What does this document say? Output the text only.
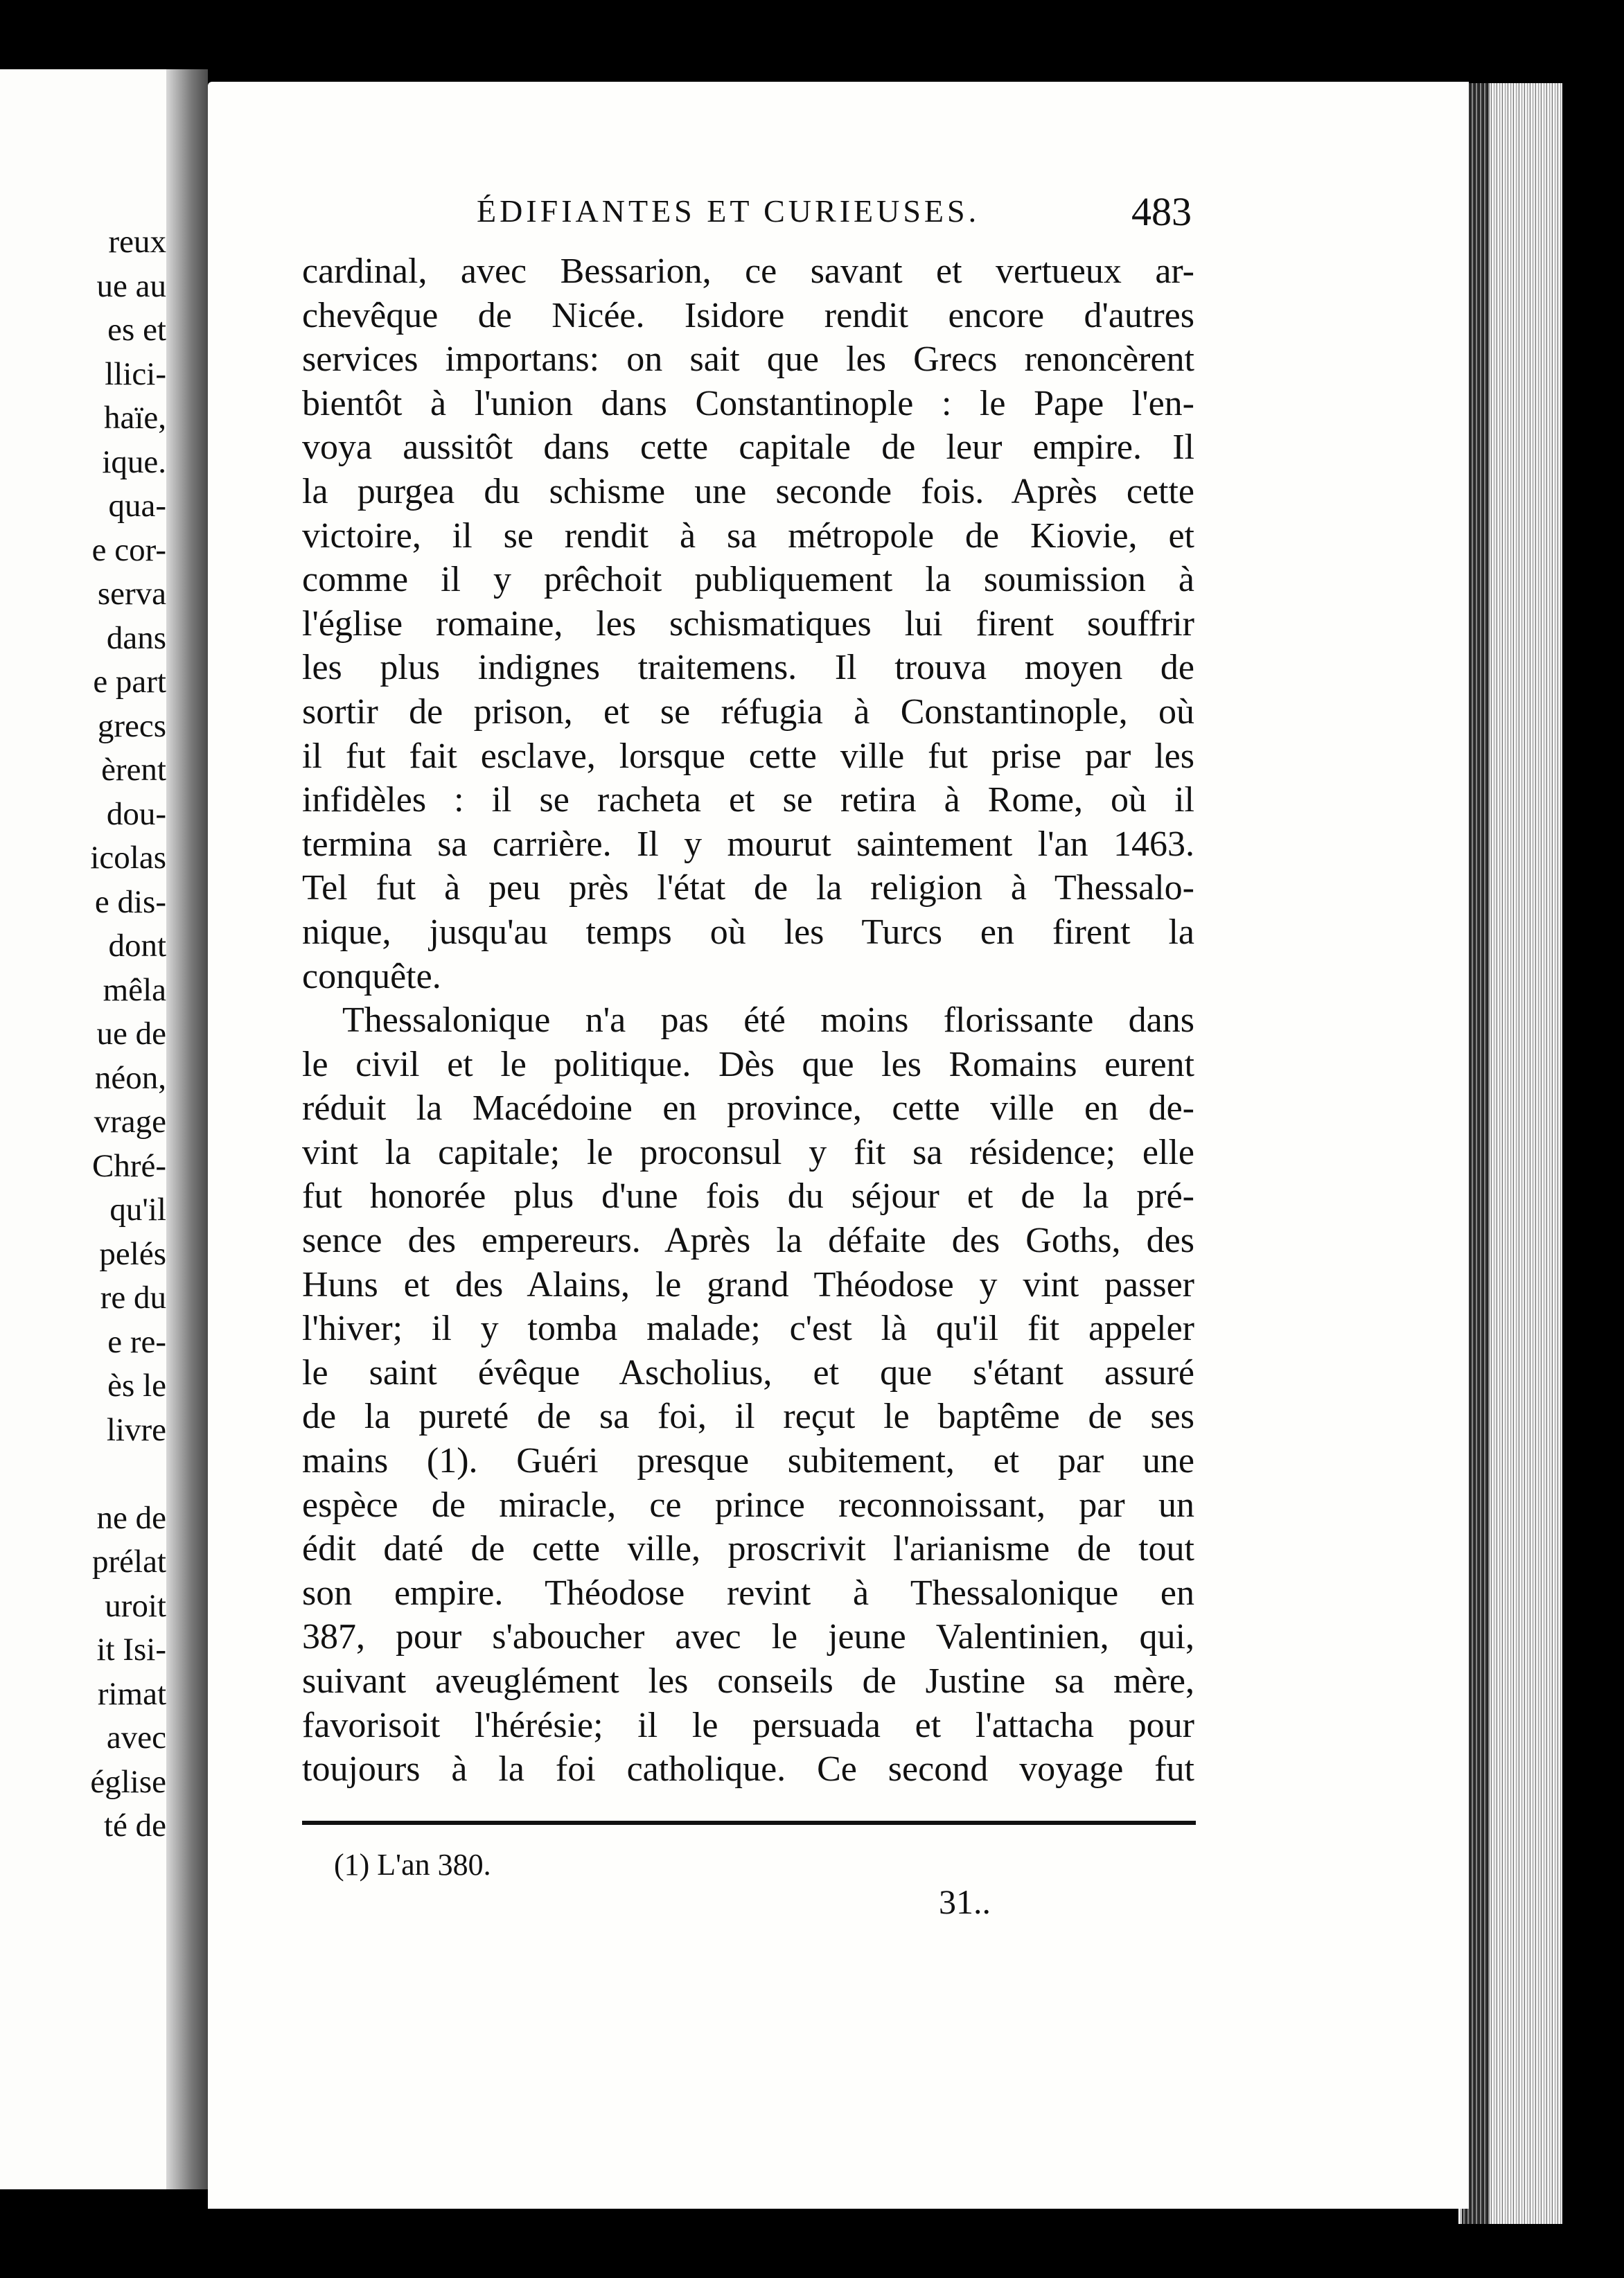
reux
ue au
es et
llici-
haïe,
ique.
qua-
e cor-
serva
dans
e part
grecs
èrent
dou-
icolas
e dis-
dont
mêla
ue de
néon,
vrage
Chré-
qu'il
pelés
re du
e re-
ès le
livre
ne de
prélat
uroit
it Isi-
rimat
avec
église
té de
ÉDIFIANTES ET CURIEUSES.	483
cardinal, avec Bessarion, ce savant et vertueux ar-
chevêque de Nicée. Isidore rendit encore d'autres
services importans: on sait que les Grecs renoncèrent
bientôt à l'union dans Constantinople : le Pape l'en-
voya aussitôt dans cette capitale de leur empire. Il
la purgea du schisme une seconde fois. Après cette
victoire, il se rendit à sa métropole de Kiovie, et
comme il y prêchoit publiquement la soumission à
l'église romaine, les schismatiques lui firent souffrir
les plus indignes traitemens. Il trouva moyen de
sortir de prison, et se réfugia à Constantinople, où
il fut fait esclave, lorsque cette ville fut prise par les
infidèles : il se racheta et se retira à Rome, où il
termina sa carrière. Il y mourut saintement l'an 1463.
Tel fut à peu près l'état de la religion à Thessalo-
nique, jusqu'au temps où les Turcs en firent la
conquête.
Thessalonique n'a pas été moins florissante dans
le civil et le politique. Dès que les Romains eurent
réduit la Macédoine en province, cette ville en de-
vint la capitale; le proconsul y fit sa résidence; elle
fut honorée plus d'une fois du séjour et de la pré-
sence des empereurs. Après la défaite des Goths, des
Huns et des Alains, le grand Théodose y vint passer
l'hiver; il y tomba malade; c'est là qu'il fit appeler
le saint évêque Ascholius, et que s'étant assuré
de la pureté de sa foi, il reçut le baptême de ses
mains (1). Guéri presque subitement, et par une
espèce de miracle, ce prince reconnoissant, par un
édit daté de cette ville, proscrivit l'arianisme de tout
son empire. Théodose revint à Thessalonique en
387, pour s'aboucher avec le jeune Valentinien, qui,
suivant aveuglément les conseils de Justine sa mère,
favorisoit l'hérésie; il le persuada et l'attacha pour
toujours à la foi catholique. Ce second voyage fut
(1) L'an 380.
31..
